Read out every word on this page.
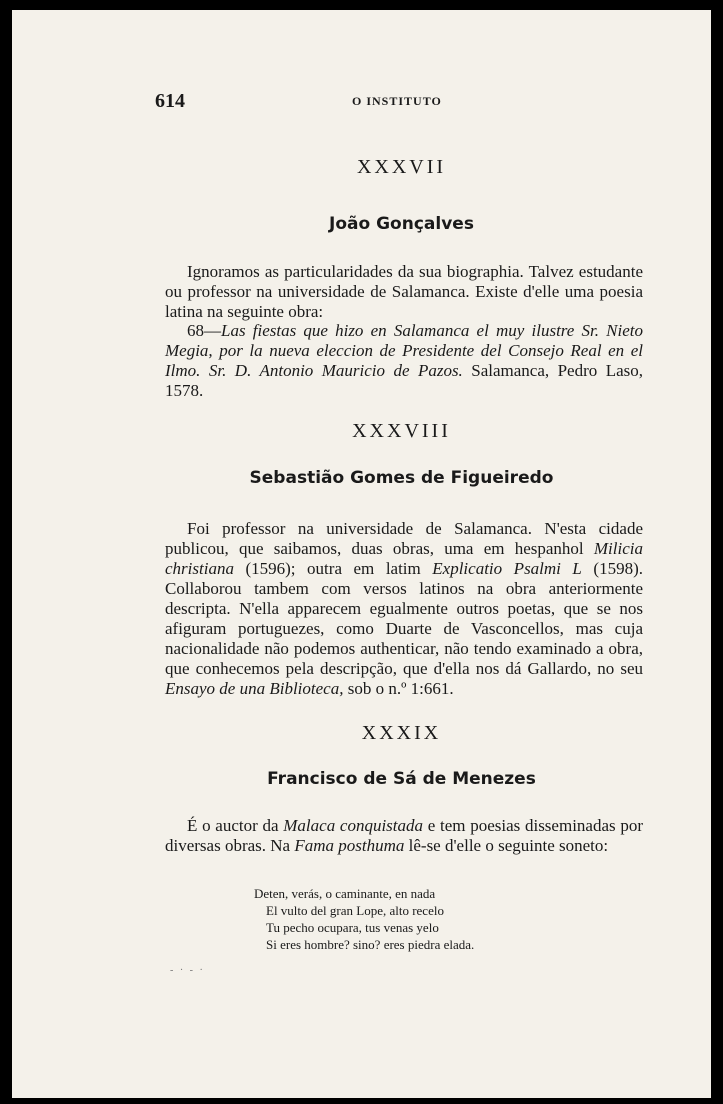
614	O INSTITUTO
XXXVII
João Gonçalves
Ignoramos as particularidades da sua biographia. Talvez estudante ou professor na universidade de Salamanca. Existe d'elle uma poesia latina na seguinte obra:
68—Las fiestas que hizo en Salamanca el muy ilustre Sr. Nieto Megia, por la nueva eleccion de Presidente del Consejo Real en el Ilmo. Sr. D. Antonio Mauricio de Pazos. Salamanca, Pedro Laso, 1578.
XXXVIII
Sebastião Gomes de Figueiredo
Foi professor na universidade de Salamanca. N'esta cidade publicou, que saibamos, duas obras, uma em hespanhol Milicia christiana (1596); outra em latim Explicatio Psalmi L (1598). Collaborou tambem com versos latinos na obra anteriormente descripta. N'ella apparecem egualmente outros poetas, que se nos afiguram portuguezes, como Duarte de Vasconcellos, mas cuja nacionalidade não podemos authenticar, não tendo examinado a obra, que conhecemos pela descripção, que d'ella nos dá Gallardo, no seu Ensayo de una Biblioteca, sob o n.º 1:661.
XXXIX
Francisco de Sá de Menezes
É o auctor da Malaca conquistada e tem poesias disseminadas por diversas obras. Na Fama posthuma lê-se d'elle o seguinte soneto:
Deten, verás, o caminante, en nada
El vulto del gran Lope, alto recelo
Tu pecho ocupara, tus venas yelo
Si eres hombre? sino? eres piedra elada.
- · - ·
